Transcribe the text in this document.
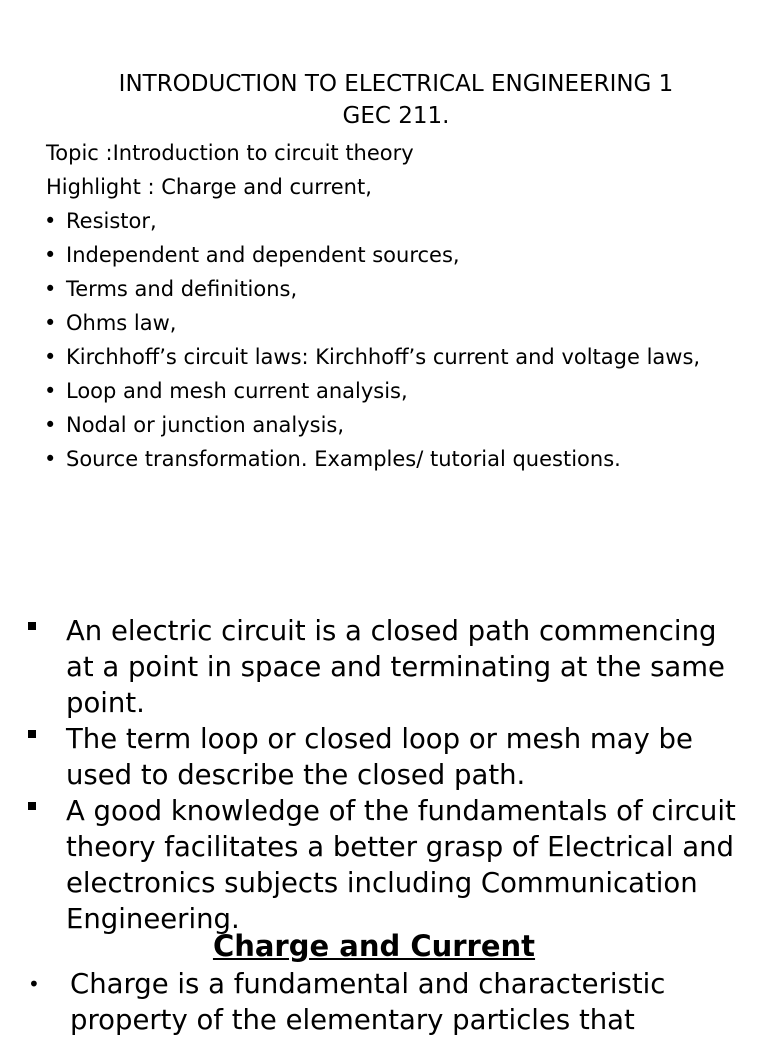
INTRODUCTION TO ELECTRICAL ENGINEERING 1
GEC 211.
Topic :Introduction to circuit theory
Highlight : Charge and current,
• Resistor,
• Independent and dependent sources,
• Terms and definitions,
• Ohms law,
• Kirchhoff’s circuit laws: Kirchhoff’s current and voltage laws,
• Loop and mesh current analysis,
• Nodal or junction analysis,
• Source transformation. Examples/ tutorial questions.
An electric circuit is a closed path commencing at a point in space and terminating at the same point.
The term loop or closed loop or mesh may be used to describe the closed path.
A good knowledge of the fundamentals of circuit theory facilitates a better grasp of Electrical and electronics subjects including Communication Engineering.
Charge and Current
• Charge is a fundamental and characteristic property of the elementary particles that
